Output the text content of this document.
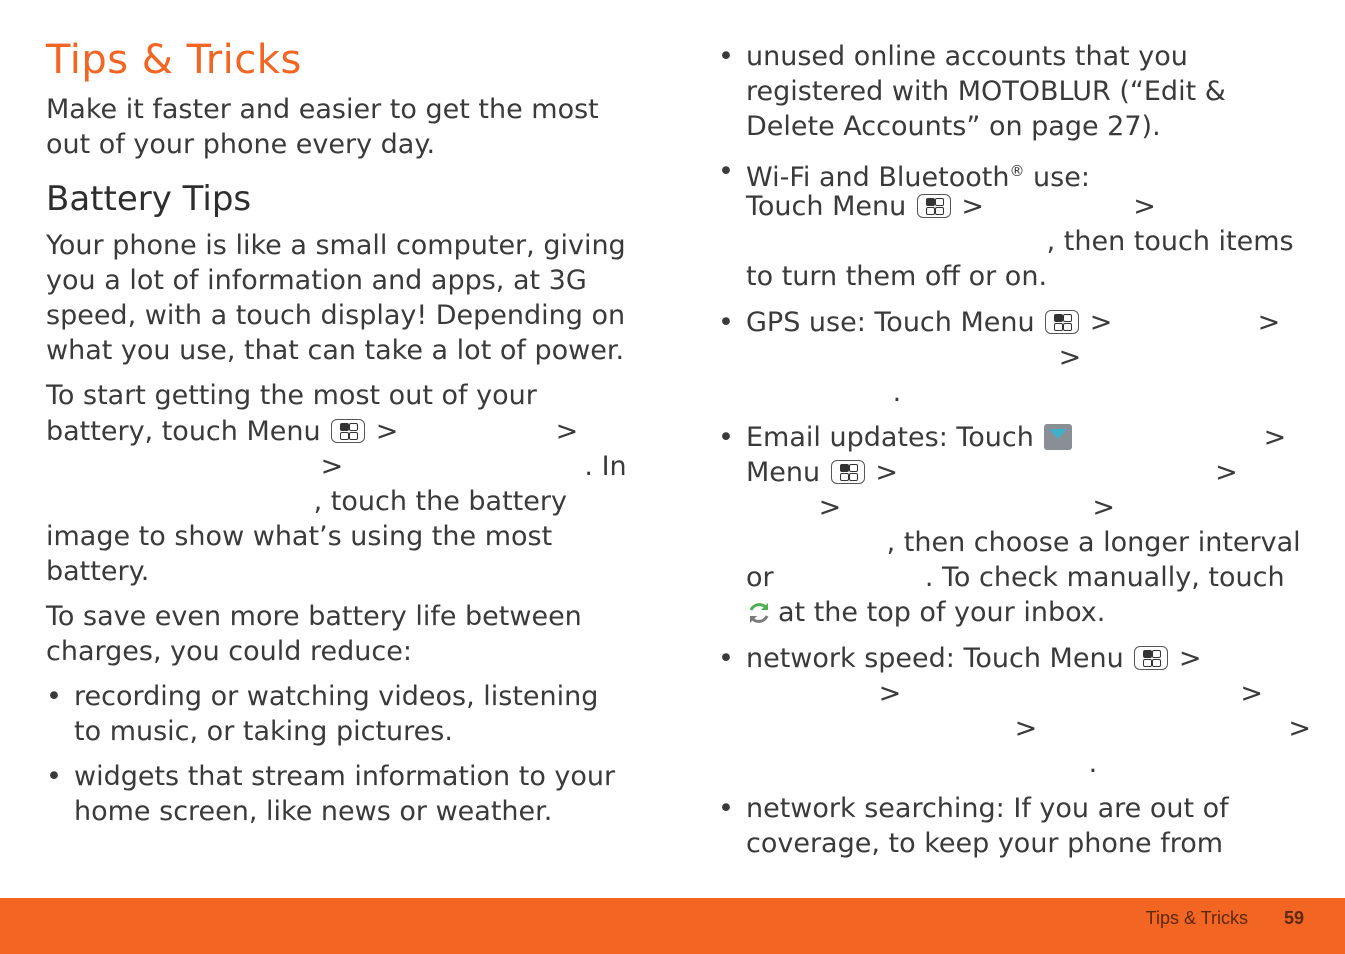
Tips & Tricks
Make it faster and easier to get the most
out of your phone every day.
Battery Tips
Your phone is like a small computer, giving
you a lot of information and apps, at 3G
speed, with a touch display! Depending on
what you use, that can take a lot of power.
To start getting the most out of your
battery, touch Menu >	>
>	. In
, touch the battery
image to show what’s using the most
battery.
To save even more battery life between
charges, you could reduce:
• recording or watching videos, listening
to music, or taking pictures.
• widgets that stream information to your
home screen, like news or weather.
• unused online accounts that you
registered with MOTOBLUR (“Edit &
Delete Accounts” on page 27).
• Wi-Fi and Bluetooth® use:
Touch Menu >	>
, then touch items
to turn them off or on.
• GPS use: Touch Menu >	>
>
.
• Email updates: Touch	>
Menu >	>
>	>
, then choose a longer interval
or	. To check manually, touch
at the top of your inbox.
• network speed: Touch Menu >
>	>
>	>
.
• network searching: If you are out of
coverage, to keep your phone from
Tips & Tricks 59
